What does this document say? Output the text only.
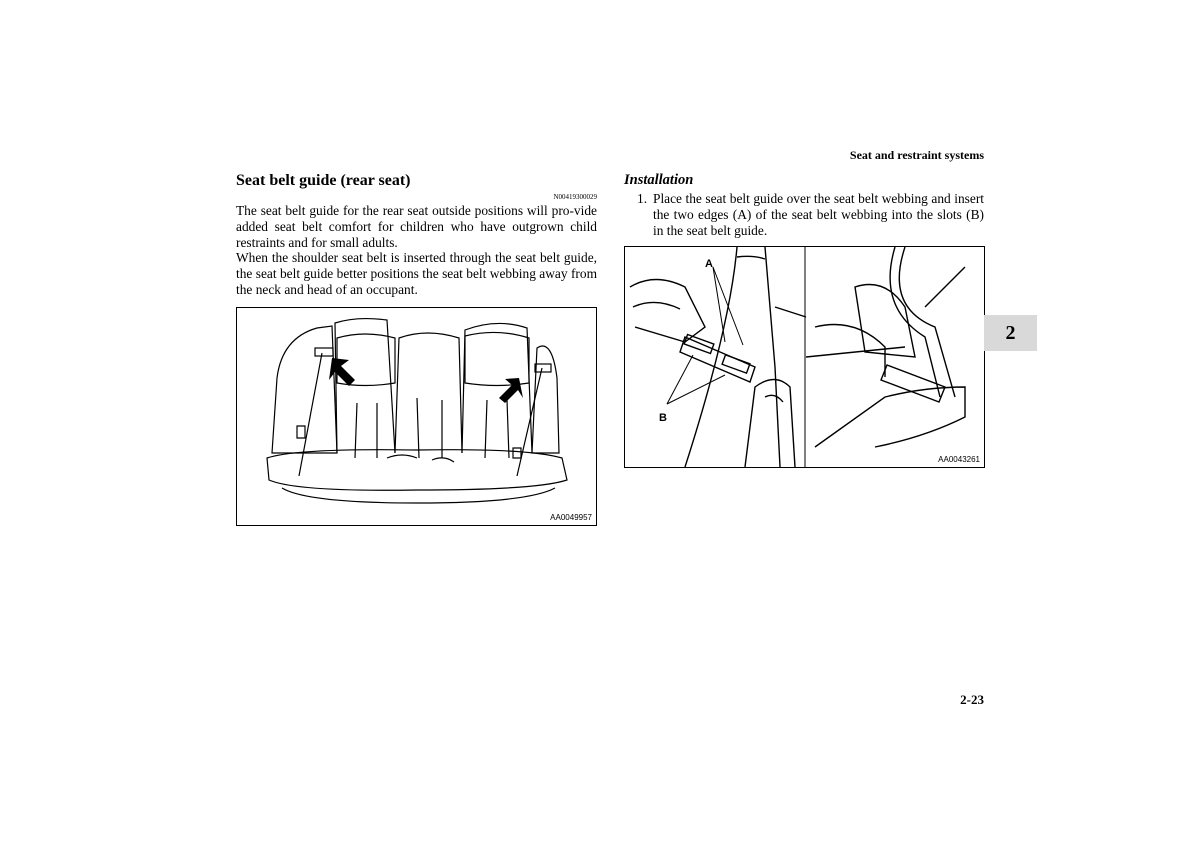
Seat and restraint systems
Seat belt guide (rear seat)
N00419300029

The seat belt guide for the rear seat outside positions will pro-vide added seat belt comfort for children who have outgrown child restraints and for small adults.

When the shoulder seat belt is inserted through the seat belt guide, the seat belt guide better positions the seat belt webbing away from the neck and head of an occupant.

AA0049957
Installation
1. Place the seat belt guide over the seat belt webbing and insert the two edges (A) of the seat belt webbing into the slots (B) in the seat belt guide.
A
B
AA0043261
2
2-23
